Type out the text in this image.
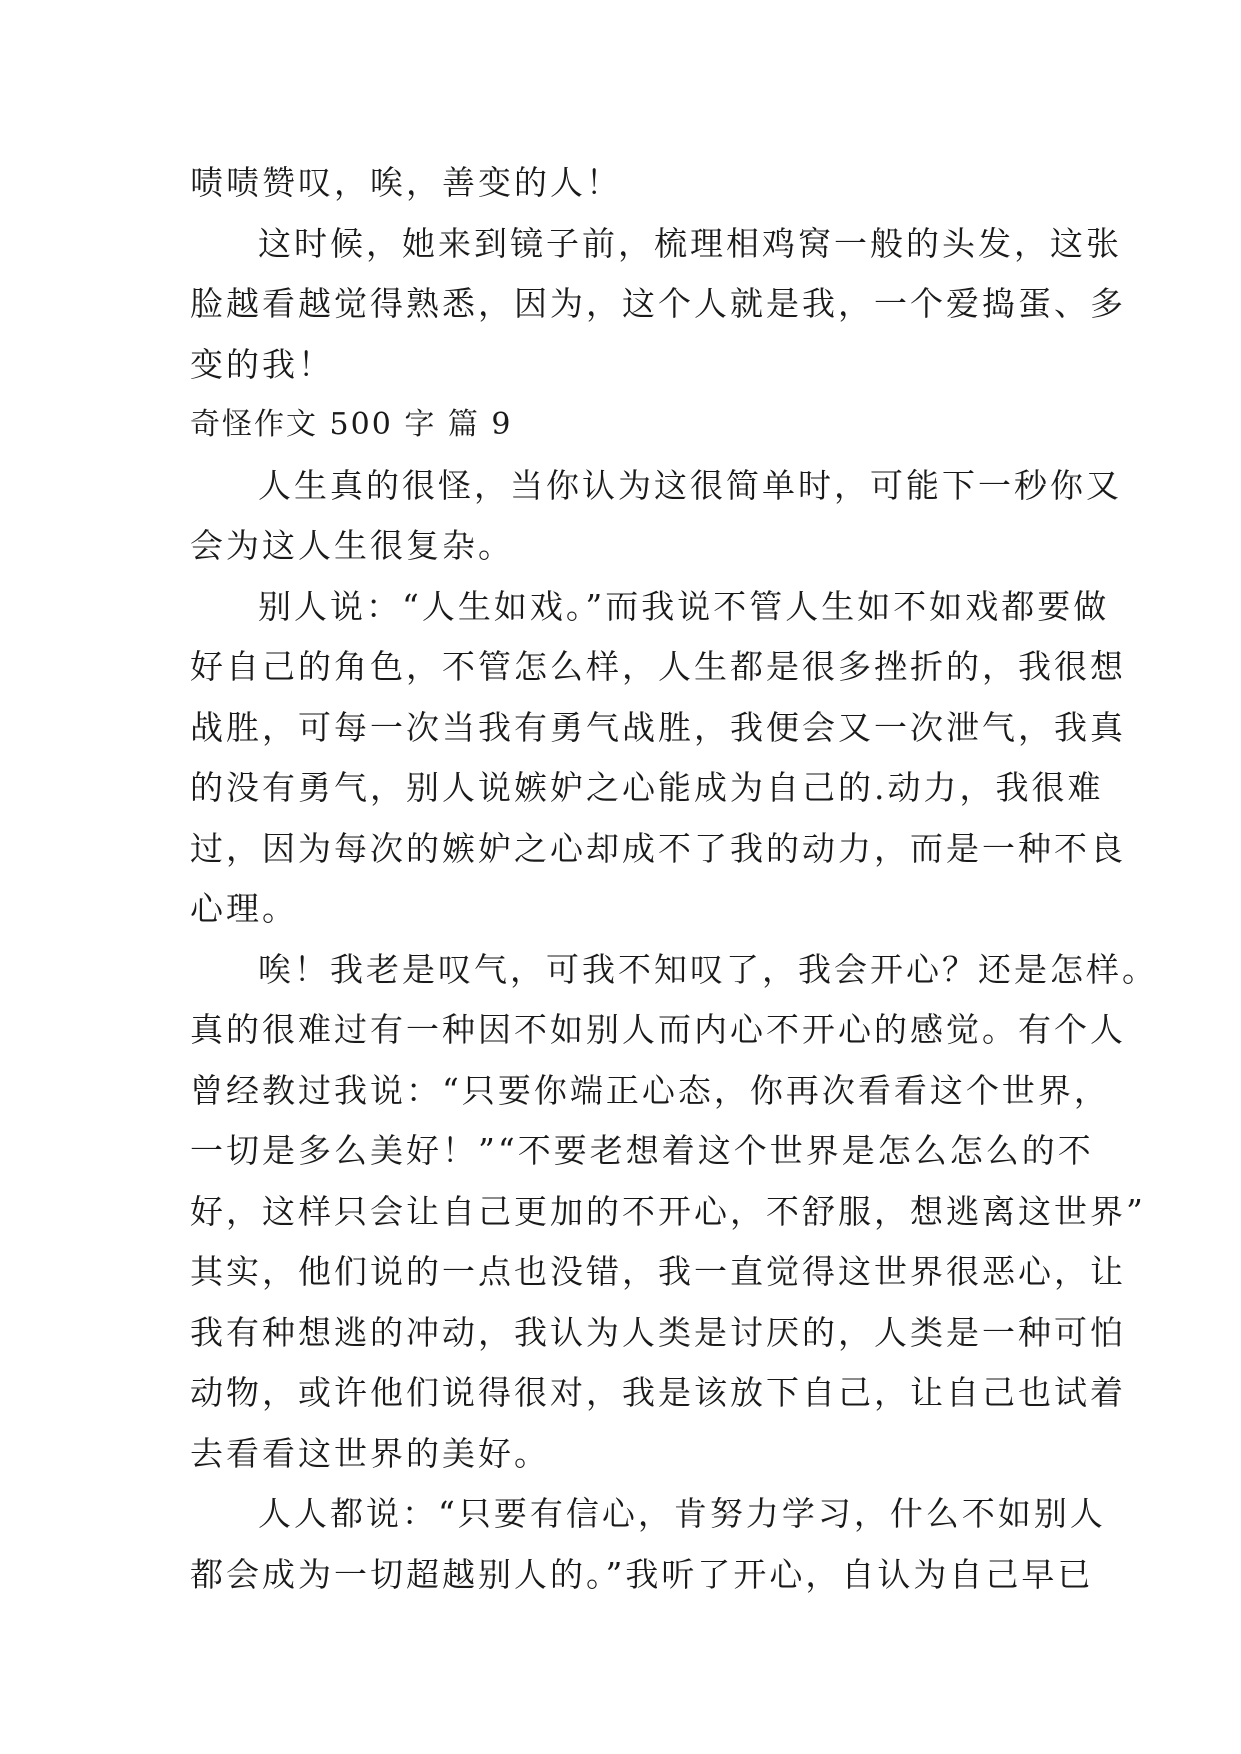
啧啧赞叹，唉，善变的人！
这时候，她来到镜子前，梳理相鸡窝一般的头发，这张
脸越看越觉得熟悉，因为，这个人就是我，一个爱捣蛋、多
变的我！
奇怪作文 500 字 篇 9
人生真的很怪，当你认为这很简单时，可能下一秒你又
会为这人生很复杂。
别人说：“人生如戏。”而我说不管人生如不如戏都要做
好自己的角色，不管怎么样，人生都是很多挫折的，我很想
战胜，可每一次当我有勇气战胜，我便会又一次泄气，我真
的没有勇气，别人说嫉妒之心能成为自己的.动力，我很难
过，因为每次的嫉妒之心却成不了我的动力，而是一种不良
心理。
唉！我老是叹气，可我不知叹了，我会开心？还是怎样。
真的很难过有一种因不如别人而内心不开心的感觉。有个人
曾经教过我说：“只要你端正心态，你再次看看这个世界，
一切是多么美好！”“不要老想着这个世界是怎么怎么的不
好，这样只会让自己更加的不开心，不舒服，想逃离这世界”
其实，他们说的一点也没错，我一直觉得这世界很恶心，让
我有种想逃的冲动，我认为人类是讨厌的，人类是一种可怕
动物，或许他们说得很对，我是该放下自己，让自己也试着
去看看这世界的美好。
人人都说：“只要有信心，肯努力学习，什么不如别人
都会成为一切超越别人的。”我听了开心，自认为自己早已
